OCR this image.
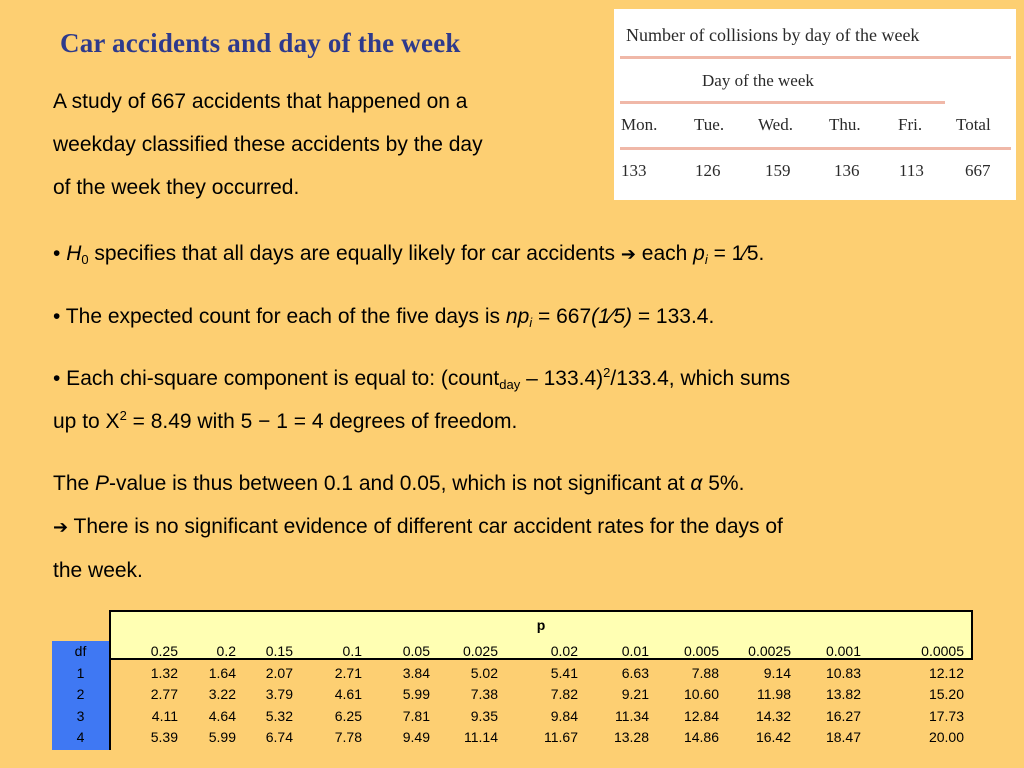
Car accidents and day of the week
A study of 667 accidents that happened on a
weekday classified these accidents by the day
of the week they occurred.
Number of collisions by day of the week
Day of the week
Mon. Tue. Wed. Thu. Fri. Total
133	126	159	136 113 667
• $H_0$ specifies that all days are equally likely for car accidents ➔ each $p_i$ = 1⁄5.
• The expected count for each of the five days is $np_i$ = 667(1⁄5) = 133.4.
• Each chi-square component is equal to: (count$_{day}$ – 133.4)$^2$/133.4, which sums
up to $X^2 = 8.49$ with 5 − 1 = 4 degrees of freedom.
The P-value is thus between 0.1 and 0.05, which is not significant at α 5%.
➔ There is no significant evidence of different car accident rates for the days of
the week.
p
df	0.25	0.2	0.15	0.1	0.05	0.025	0.02	0.01	0.005	0.0025	0.001	0.0005
1	1.32	1.64	2.07	2.71	3.84	5.02	5.41	6.63	7.88	9.14	10.83	12.12
2	2.77	3.22	3.79	4.61	5.99	7.38	7.82	9.21	10.60	11.98	13.82	15.20
3	4.11	4.64	5.32	6.25	7.81	9.35	9.84	11.34	12.84	14.32	16.27	17.73
4	5.39	5.99	6.74	7.78	9.49	11.14	11.67	13.28	14.86	16.42	18.47	20.00
